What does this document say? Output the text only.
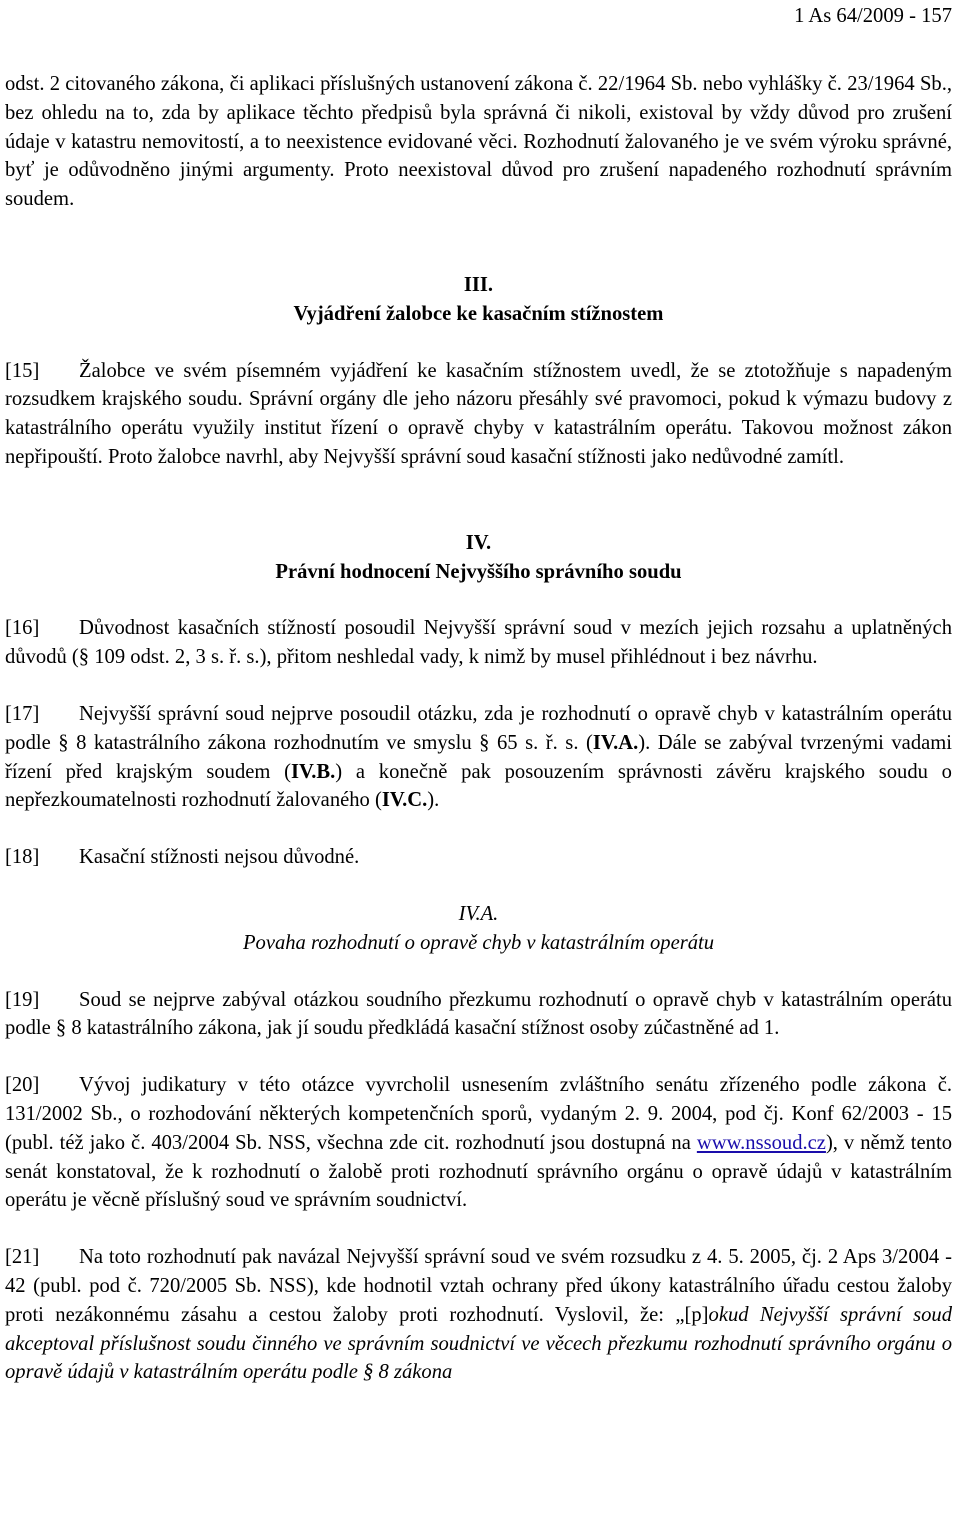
1 As 64/2009 - 157

odst. 2 citovaného zákona, či aplikaci příslušných ustanovení zákona č. 22/1964 Sb. nebo vyhlášky č. 23/1964 Sb., bez ohledu na to, zda by aplikace těchto předpisů byla správná či nikoli, existoval by vždy důvod pro zrušení údaje v katastru nemovitostí, a to neexistence evidované věci. Rozhodnutí žalovaného je ve svém výroku správné, byť je odůvodněno jinými argumenty. Proto neexistoval důvod pro zrušení napadeného rozhodnutí správním soudem.

III.

Vyjádření žalobce ke kasačním stížnostem

[15] Žalobce ve svém písemném vyjádření ke kasačním stížnostem uvedl, že se ztotožňuje s napadeným rozsudkem krajského soudu. Správní orgány dle jeho názoru přesáhly své pravomoci, pokud k výmazu budovy z katastrálního operátu využily institut řízení o opravě chyby v katastrálním operátu. Takovou možnost zákon nepřipouští. Proto žalobce navrhl, aby Nejvyšší správní soud kasační stížnosti jako nedůvodné zamítl.

IV.

Právní hodnocení Nejvyššího správního soudu

[16] Důvodnost kasačních stížností posoudil Nejvyšší správní soud v mezích jejich rozsahu a uplatněných důvodů (§ 109 odst. 2, 3 s. ř. s.), přitom neshledal vady, k nimž by musel přihlédnout i bez návrhu.

[17] Nejvyšší správní soud nejprve posoudil otázku, zda je rozhodnutí o opravě chyb v katastrálním operátu podle § 8 katastrálního zákona rozhodnutím ve smyslu § 65 s. ř. s. (IV.A.). Dále se zabýval tvrzenými vadami řízení před krajským soudem (IV.B.) a konečně pak posouzením správnosti závěru krajského soudu o nepřezkoumatelnosti rozhodnutí žalovaného (IV.C.).

[18] Kasační stížnosti nejsou důvodné.

IV.A.

Povaha rozhodnutí o opravě chyb v katastrálním operátu

[19] Soud se nejprve zabýval otázkou soudního přezkumu rozhodnutí o opravě chyb v katastrálním operátu podle § 8 katastrálního zákona, jak jí soudu předkládá kasační stížnost osoby zúčastněné ad 1.

[20] Vývoj judikatury v této otázce vyvrcholil usnesením zvláštního senátu zřízeného podle zákona č. 131/2002 Sb., o rozhodování některých kompetenčních sporů, vydaným 2. 9. 2004, pod čj. Konf 62/2003 - 15 (publ. též jako č. 403/2004 Sb. NSS, všechna zde cit. rozhodnutí jsou dostupná na www.nssoud.cz), v němž tento senát konstatoval, že k rozhodnutí o žalobě proti rozhodnutí správního orgánu o opravě údajů v katastrálním operátu je věcně příslušný soud ve správním soudnictví.

[21] Na toto rozhodnutí pak navázal Nejvyšší správní soud ve svém rozsudku z 4. 5. 2005, čj. 2 Aps 3/2004 - 42 (publ. pod č. 720/2005 Sb. NSS), kde hodnotil vztah ochrany před úkony katastrálního úřadu cestou žaloby proti nezákonnému zásahu a cestou žaloby proti rozhodnutí. Vyslovil, že: „[p]okud Nejvyšší správní soud akceptoval příslušnost soudu činného ve správním soudnictví ve věcech přezkumu rozhodnutí správního orgánu o opravě údajů v katastrálním operátu podle § 8 zákona
